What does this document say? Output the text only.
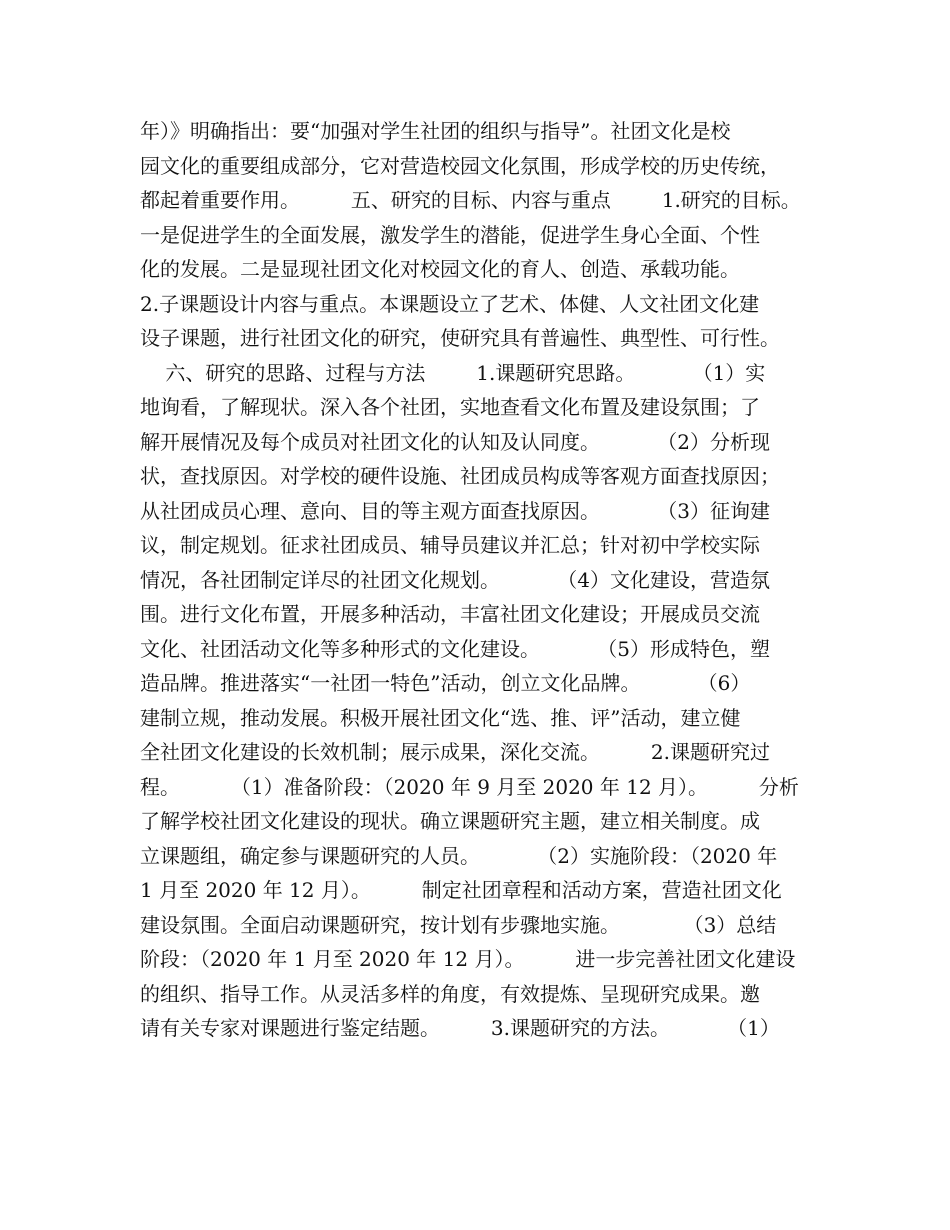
年）》明确指出：要“加强对学生社团的组织与指导”。社团文化是校
园文化的重要组成部分，它对营造校园文化氛围，形成学校的历史传统，
都起着重要作用。        五、研究的目标、内容与重点        1.研究的目标。
一是促进学生的全面发展，激发学生的潜能，促进学生身心全面、个性
化的发展。二是显现社团文化对校园文化的育人、创造、承载功能。
2.子课题设计内容与重点。本课题设立了艺术、体健、人文社团文化建
设子课题，进行社团文化的研究，使研究具有普遍性、典型性、可行性。
六、研究的思路、过程与方法        1.课题研究思路。         （1）实
地询看，了解现状。深入各个社团，实地查看文化布置及建设氛围；了
解开展情况及每个成员对社团文化的认知及认同度。         （2）分析现
状，查找原因。对学校的硬件设施、社团成员构成等客观方面查找原因；
从社团成员心理、意向、目的等主观方面查找原因。         （3）征询建
议，制定规划。征求社团成员、辅导员建议并汇总；针对初中学校实际
情况，各社团制定详尽的社团文化规划。         （4）文化建设，营造氛
围。进行文化布置，开展多种活动，丰富社团文化建设；开展成员交流
文化、社团活动文化等多种形式的文化建设。         （5）形成特色，塑
造品牌。推进落实“一社团一特色”活动，创立文化品牌。         （6）
建制立规，推动发展。积极开展社团文化“选、推、评”活动，建立健
全社团文化建设的长效机制；展示成果，深化交流。        2.课题研究过
程。        （1）准备阶段：（2020 年 9 月至 2020 年 12 月）。        分析
了解学校社团文化建设的现状。确立课题研究主题，建立相关制度。成
立课题组，确定参与课题研究的人员。         （2）实施阶段：（2020 年
1 月至 2020 年 12 月）。        制定社团章程和活动方案，营造社团文化
建设氛围。全面启动课题研究，按计划有步骤地实施。          （3）总结
阶段：（2020 年 1 月至 2020 年 12 月）。        进一步完善社团文化建设
的组织、指导工作。从灵活多样的角度，有效提炼、呈现研究成果。邀
请有关专家对课题进行鉴定结题。        3.课题研究的方法。         （1）
